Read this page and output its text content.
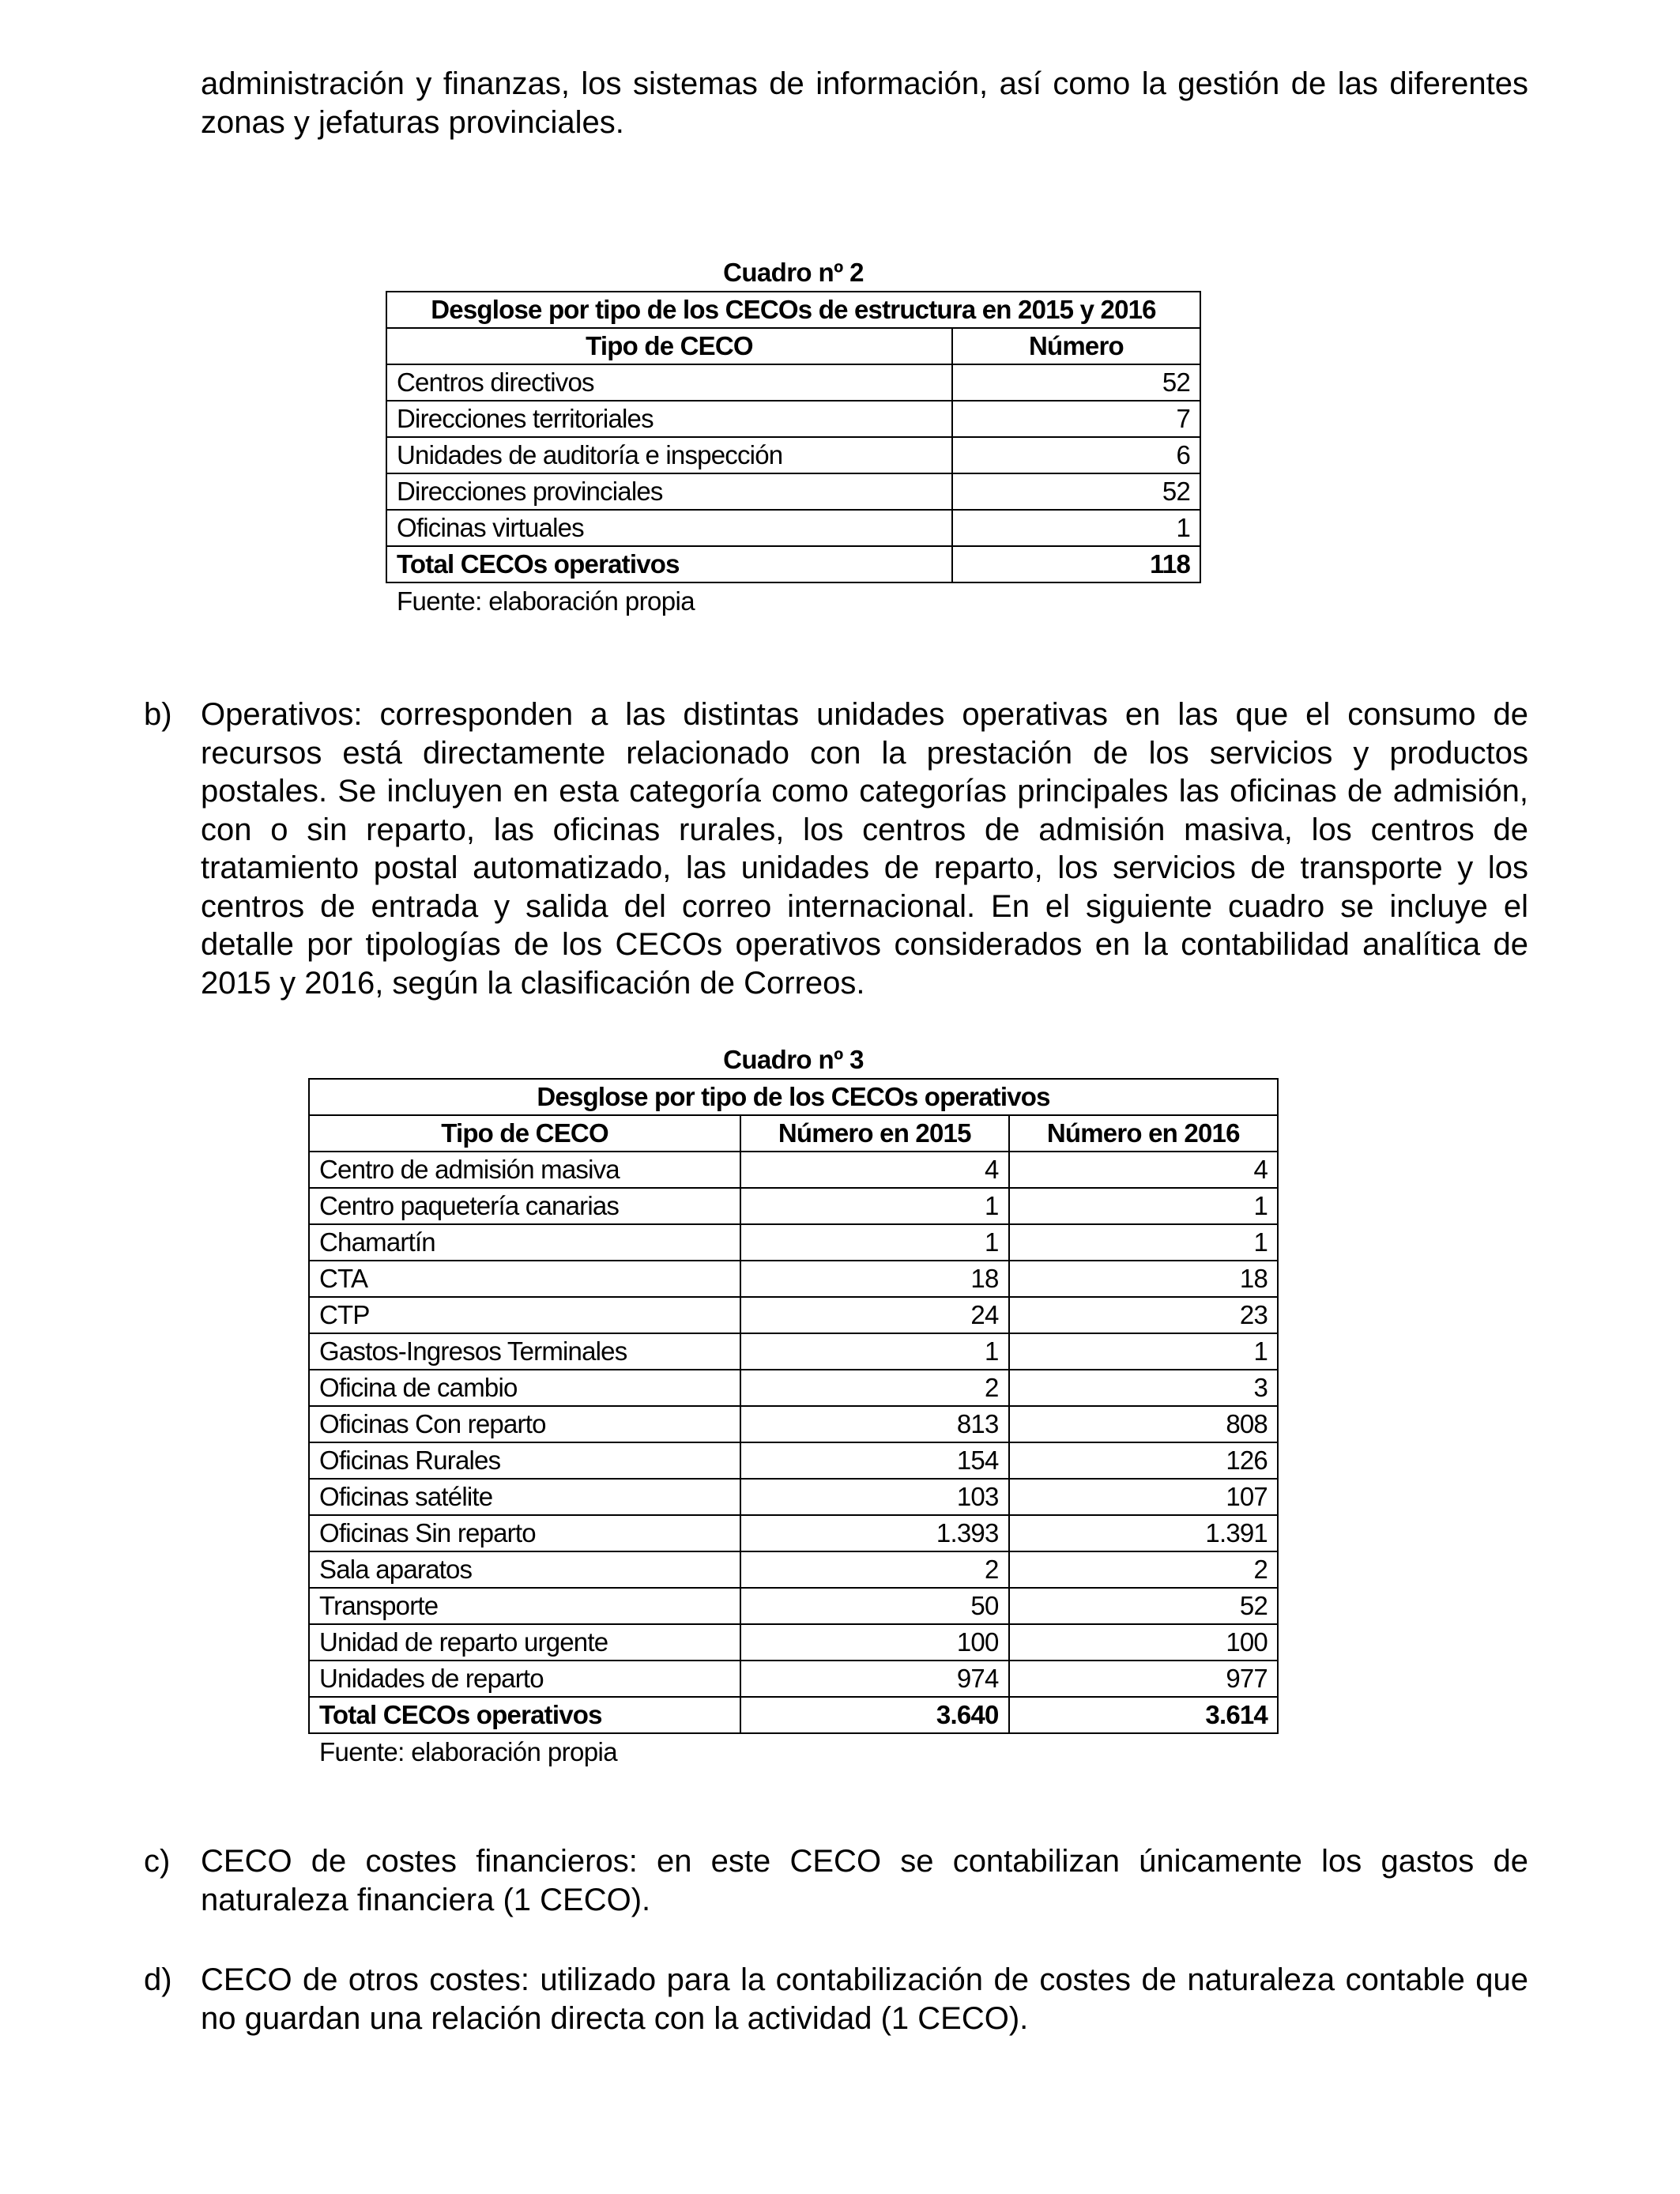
administración y finanzas, los sistemas de información, así como la gestión de las diferentes zonas y jefaturas provinciales.

Cuadro nº 2
Desglose por tipo de los CECOs de estructura en 2015 y 2016	
Tipo de CECO	Número
Centros directivos	52
Direcciones territoriales	7
Unidades de auditoría e inspección	6
Direcciones provinciales	52
Oficinas virtuales	1
Total CECOs operativos	118
Fuente: elaboración propia
b) Operativos: corresponden a las distintas unidades operativas en las que el consumo de recursos está directamente relacionado con la prestación de los servicios y productos postales. Se incluyen en esta categoría como categorías principales las oficinas de admisión, con o sin reparto, las oficinas rurales, los centros de admisión masiva, los centros de tratamiento postal automatizado, las unidades de reparto, los servicios de transporte y los centros de entrada y salida del correo internacional. En el siguiente cuadro se incluye el detalle por tipologías de los CECOs operativos considerados en la contabilidad analítica de 2015 y 2016, según la clasificación de Correos.
Cuadro nº 3
Desglose por tipo de los CECOs operativos		
Tipo de CECO	Número en 2015	Número en 2016
Centro de admisión masiva	4	4
Centro paquetería canarias	1	1
Chamartín	1	1
CTA	18	18
CTP	24	23
Gastos-Ingresos Terminales	1	1
Oficina de cambio	2	3
Oficinas Con reparto	813	808
Oficinas Rurales	154	126
Oficinas satélite	103	107
Oficinas Sin reparto	1.393	1.391
Sala aparatos	2	2
Transporte	50	52
Unidad de reparto urgente	100	100
Unidades de reparto	974	977
Total CECOs operativos	3.640	3.614
Fuente: elaboración propia
c) CECO de costes financieros: en este CECO se contabilizan únicamente los gastos de naturaleza financiera (1 CECO).
d) CECO de otros costes: utilizado para la contabilización de costes de naturaleza contable que no guardan una relación directa con la actividad (1 CECO).
